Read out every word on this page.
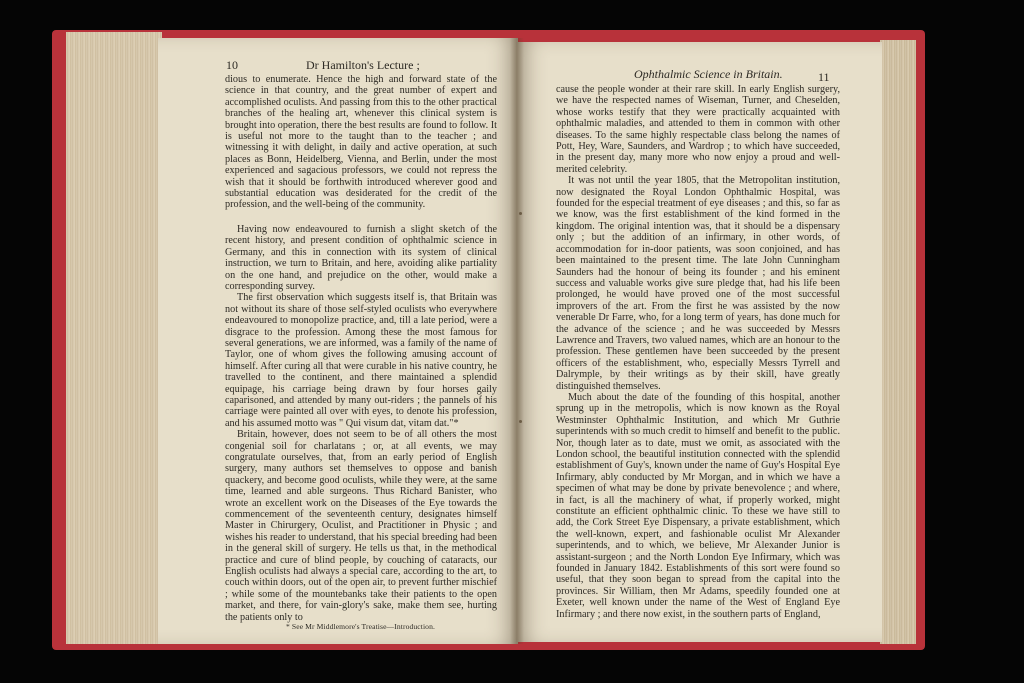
10	Dr Hamilton's Lecture ;

dious to enumerate. Hence the high and forward state of the science in that country, and the great number of expert and accomplished oculists. And passing from this to the other practical branches of the healing art, whenever this clinical system is brought into operation, there the best results are found to follow. It is useful not more to the taught than to the teacher ; and witnessing it with delight, in daily and active operation, at such places as Bonn, Heidelberg, Vienna, and Berlin, under the most experienced and sagacious professors, we could not repress the wish that it should be forthwith introduced wherever good and substantial education was desiderated for the credit of the profession, and the well-being of the community.

Having now endeavoured to furnish a slight sketch of the recent history, and present condition of ophthalmic science in Germany, and this in connection with its system of clinical instruction, we turn to Britain, and here, avoiding alike partiality on the one hand, and prejudice on the other, would make a corresponding survey.

The first observation which suggests itself is, that Britain was not without its share of those self-styled oculists who everywhere endeavoured to monopolize practice, and, till a late period, were a disgrace to the profession. Among these the most famous for several generations, we are informed, was a family of the name of Taylor, one of whom gives the following amusing account of himself. After curing all that were curable in his native country, he travelled to the continent, and there maintained a splendid equipage, his carriage being drawn by four horses gaily caparisoned, and attended by many out-riders ; the pannels of his carriage were painted all over with eyes, to denote his profession, and his assumed motto was " Qui visum dat, vitam dat."*

Britain, however, does not seem to be of all others the most congenial soil for charlatans ; or, at all events, we may congratulate ourselves, that, from an early period of English surgery, many authors set themselves to oppose and banish quackery, and become good oculists, while they were, at the same time, learned and able surgeons. Thus Richard Banister, who wrote an excellent work on the Diseases of the Eye towards the commencement of the seventeenth century, designates himself Master in Chirurgery, Oculist, and Practitioner in Physic ; and wishes his reader to understand, that his special breeding had been in the general skill of surgery. He tells us that, in the methodical practice and cure of blind people, by couching of cataracts, our English oculists had always a special care, according to the art, to couch within doors, out of the open air, to prevent further mischief ; while some of the mountebanks take their patients to the open market, and there, for vain-glory's sake, make them see, hurting the patients only to

* See Mr Middlemore's Treatise—Introduction.
Ophthalmic Science in Britain.	11

cause the people wonder at their rare skill. In early English surgery, we have the respected names of Wiseman, Turner, and Cheselden, whose works testify that they were practically acquainted with ophthalmic maladies, and attended to them in common with other diseases. To the same highly respectable class belong the names of Pott, Hey, Ware, Saunders, and Wardrop ; to which have succeeded, in the present day, many more who now enjoy a proud and well-merited celebrity.

It was not until the year 1805, that the Metropolitan institution, now designated the Royal London Ophthalmic Hospital, was founded for the especial treatment of eye diseases ; and this, so far as we know, was the first establishment of the kind formed in the kingdom. The original intention was, that it should be a dispensary only ; but the addition of an infirmary, in other words, of accommodation for in-door patients, was soon conjoined, and has been maintained to the present time. The late John Cunningham Saunders had the honour of being its founder ; and his eminent success and valuable works give sure pledge that, had his life been prolonged, he would have proved one of the most successful improvers of the art. From the first he was assisted by the now venerable Dr Farre, who, for a long term of years, has done much for the advance of the science ; and he was succeeded by Messrs Lawrence and Travers, two valued names, which are an honour to the profession. These gentlemen have been succeeded by the present officers of the establishment, who, especially Messrs Tyrrell and Dalrymple, by their writings as by their skill, have greatly distinguished themselves.

Much about the date of the founding of this hospital, another sprung up in the metropolis, which is now known as the Royal Westminster Ophthalmic Institution, and which Mr Guthrie superintends with so much credit to himself and benefit to the public. Nor, though later as to date, must we omit, as associated with the London school, the beautiful institution connected with the splendid establishment of Guy's, known under the name of Guy's Hospital Eye Infirmary, ably conducted by Mr Morgan, and in which we have a specimen of what may be done by private benevolence ; and where, in fact, is all the machinery of what, if properly worked, might constitute an efficient ophthalmic clinic. To these we have still to add, the Cork Street Eye Dispensary, a private establishment, which the well-known, expert, and fashionable oculist Mr Alexander superintends, and to which, we believe, Mr Alexander Junior is assistant-surgeon ; and the North London Eye Infirmary, which was founded in January 1842. Establishments of this sort were found so useful, that they soon began to spread from the capital into the provinces. Sir William, then Mr Adams, speedily founded one at Exeter, well known under the name of the West of England Eye Infirmary ; and there now exist, in the southern parts of England,
